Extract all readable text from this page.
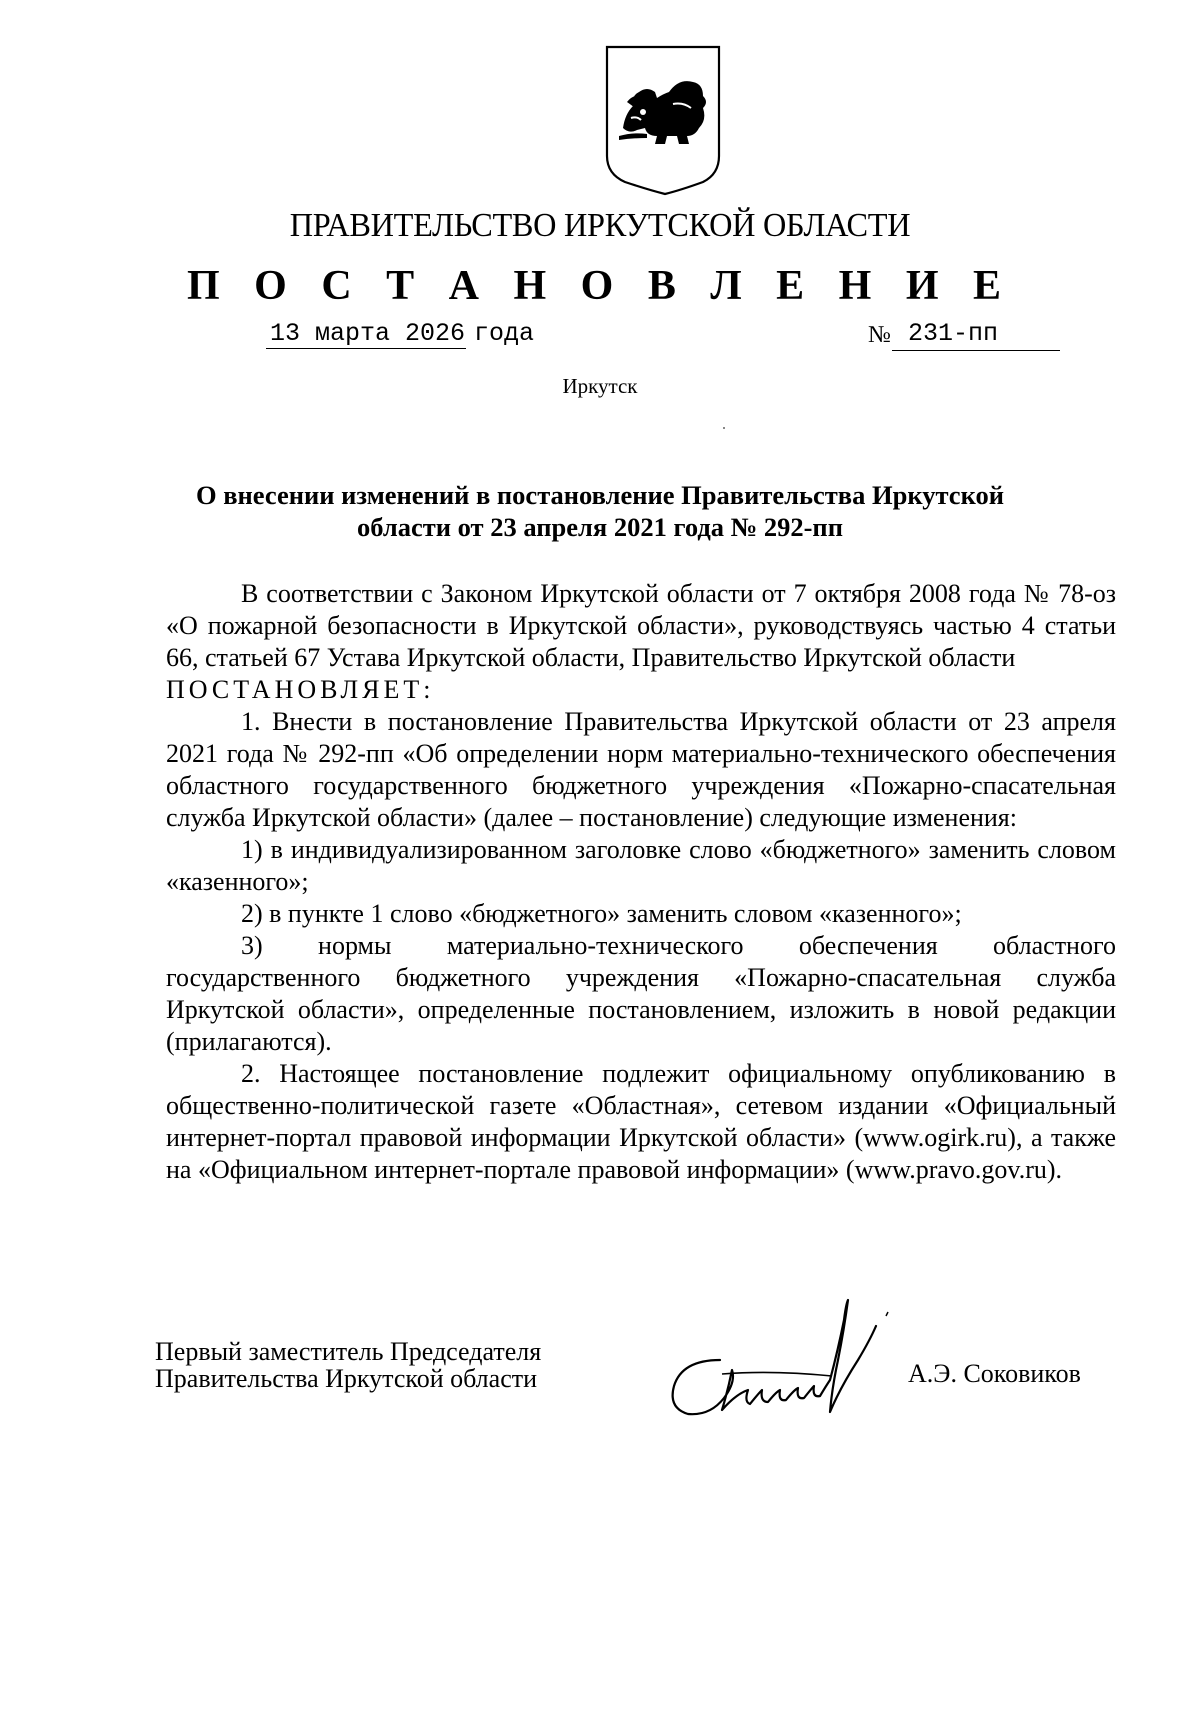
ПРАВИТЕЛЬСТВО ИРКУТСКОЙ ОБЛАСТИ
П О С Т А Н О В Л Е Н И Е
13 марта 2026 года	№ 231-пп
Иркутск
О внесении изменений в постановление Правительства Иркутской
области от 23 апреля 2021 года № 292-пп

В соответствии с Законом Иркутской области от 7 октября 2008 года № 78-оз «О пожарной безопасности в Иркутской области», руководствуясь частью 4 статьи 66, статьей 67 Устава Иркутской области, Правительство Иркутской области

ПОСТАНОВЛЯЕТ:

1. Внести в постановление Правительства Иркутской области от 23 апреля 2021 года № 292-пп «Об определении норм материально-технического обеспечения областного государственного бюджетного учреждения «Пожарно-спасательная служба Иркутской области» (далее – постановление) следующие изменения:

1) в индивидуализированном заголовке слово «бюджетного» заменить словом «казенного»;

2) в пункте 1 слово «бюджетного» заменить словом «казенного»;

3) нормы материально-технического обеспечения областного государственного бюджетного учреждения «Пожарно-спасательная служба Иркутской области», определенные постановлением, изложить в новой редакции (прилагаются).

2. Настоящее постановление подлежит официальному опубликованию в общественно-политической газете «Областная», сетевом издании «Официальный интернет-портал правовой информации Иркутской области» (www.ogirk.ru), а также на «Официальном интернет-портале правовой информации» (www.pravo.gov.ru).

Первый заместитель Председателя
Правительства Иркутской области	А.Э. Соковиков
